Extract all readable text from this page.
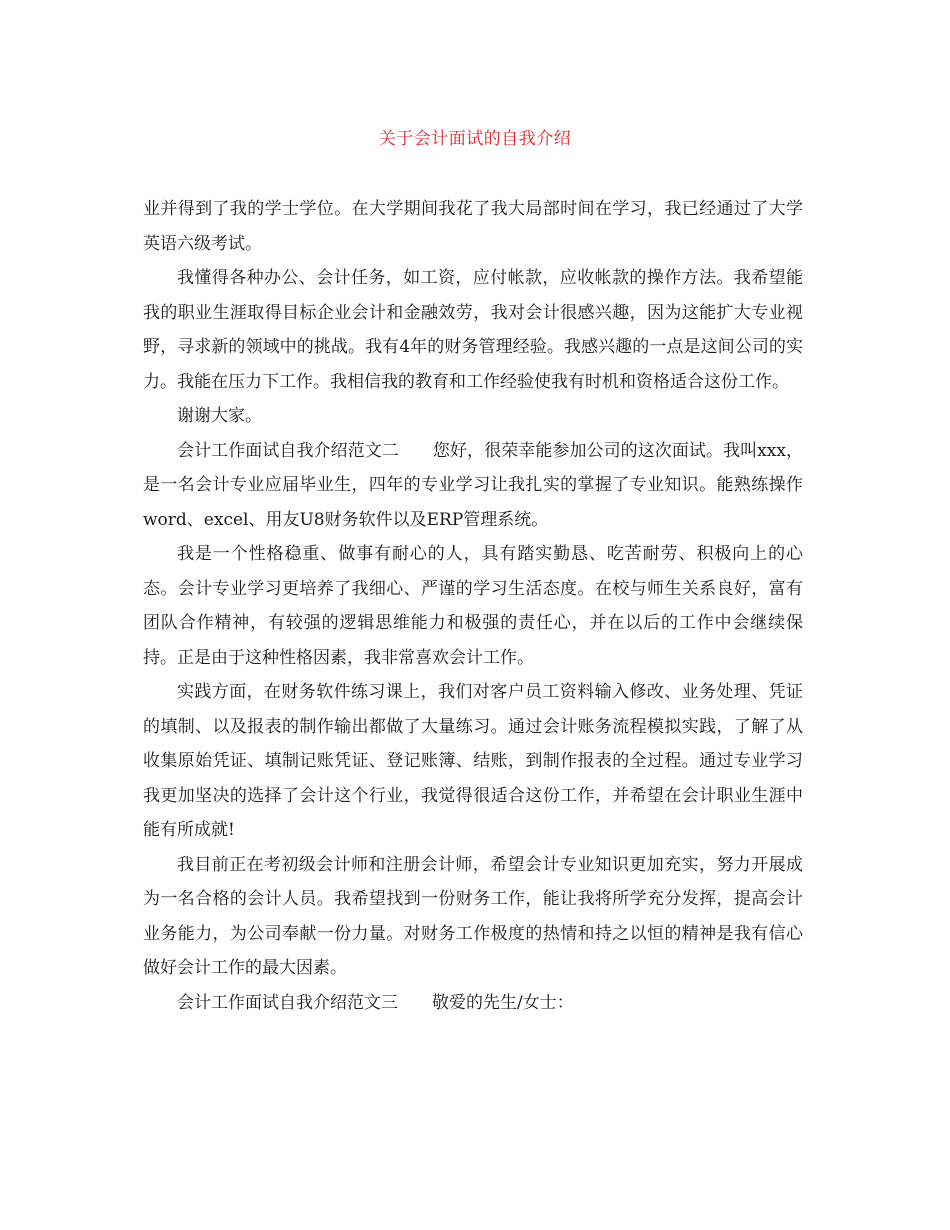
关于会计面试的自我介绍

业并得到了我的学士学位。在大学期间我花了我大局部时间在学习，我已经通过了大学英语六级考试。

我懂得各种办公、会计任务，如工资，应付帐款，应收帐款的操作方法。我希望能我的职业生涯取得目标企业会计和金融效劳，我对会计很感兴趣，因为这能扩大专业视野，寻求新的领域中的挑战。我有4年的财务管理经验。我感兴趣的一点是这间公司的实力。我能在压力下工作。我相信我的教育和工作经验使我有时机和资格适合这份工作。

谢谢大家。

会计工作面试自我介绍范文二 您好，很荣幸能参加公司的这次面试。我叫xxx，是一名会计专业应届毕业生，四年的专业学习让我扎实的掌握了专业知识。能熟练操作word、excel、用友U8财务软件以及ERP管理系统。

我是一个性格稳重、做事有耐心的人，具有踏实勤恳、吃苦耐劳、积极向上的心态。会计专业学习更培养了我细心、严谨的学习生活态度。在校与师生关系良好，富有团队合作精神，有较强的逻辑思维能力和极强的责任心，并在以后的工作中会继续保持。正是由于这种性格因素，我非常喜欢会计工作。

实践方面，在财务软件练习课上，我们对客户员工资料输入修改、业务处理、凭证的填制、以及报表的制作输出都做了大量练习。通过会计账务流程模拟实践，了解了从收集原始凭证、填制记账凭证、登记账簿、结账，到制作报表的全过程。通过专业学习我更加坚决的选择了会计这个行业，我觉得很适合这份工作，并希望在会计职业生涯中能有所成就!

我目前正在考初级会计师和注册会计师，希望会计专业知识更加充实，努力开展成为一名合格的会计人员。我希望找到一份财务工作，能让我将所学充分发挥，提高会计业务能力，为公司奉献一份力量。对财务工作极度的热情和持之以恒的精神是我有信心做好会计工作的最大因素。

会计工作面试自我介绍范文三 敬爱的先生/女士：
